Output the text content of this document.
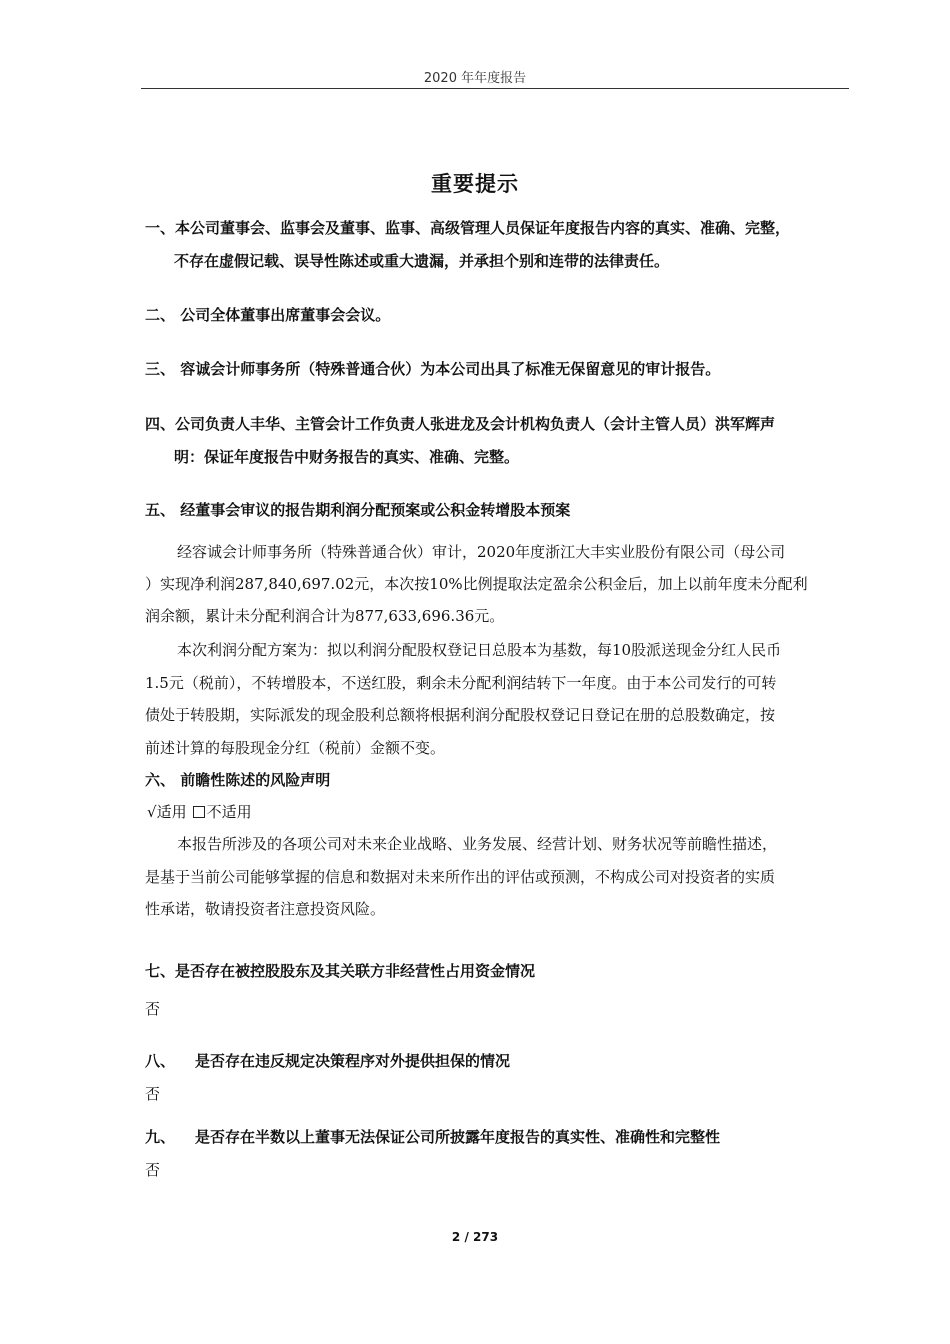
2020 年年度报告
重要提示
一、本公司董事会、监事会及董事、监事、高级管理人员保证年度报告内容的真实、准确、完整，
不存在虚假记载、误导性陈述或重大遗漏，并承担个别和连带的法律责任。
二、 公司全体董事出席董事会会议。
三、 容诚会计师事务所（特殊普通合伙）为本公司出具了标准无保留意见的审计报告。
四、公司负责人丰华、主管会计工作负责人张进龙及会计机构负责人（会计主管人员）洪军辉声
明：保证年度报告中财务报告的真实、准确、完整。
五、 经董事会审议的报告期利润分配预案或公积金转增股本预案
经容诚会计师事务所（特殊普通合伙）审计，2020年度浙江大丰实业股份有限公司（母公司
）实现净利润287,840,697.02元，本次按10%比例提取法定盈余公积金后，加上以前年度未分配利
润余额，累计未分配利润合计为877,633,696.36元。
本次利润分配方案为：拟以利润分配股权登记日总股本为基数，每10股派送现金分红人民币
1.5元（税前），不转增股本，不送红股，剩余未分配利润结转下一年度。由于本公司发行的可转
债处于转股期，实际派发的现金股利总额将根据利润分配股权登记日登记在册的总股数确定，按
前述计算的每股现金分红（税前）金额不变。
六、 前瞻性陈述的风险声明
√适用 不适用
本报告所涉及的各项公司对未来企业战略、业务发展、经营计划、财务状况等前瞻性描述，
是基于当前公司能够掌握的信息和数据对未来所作出的评估或预测，不构成公司对投资者的实质
性承诺，敬请投资者注意投资风险。
七、是否存在被控股股东及其关联方非经营性占用资金情况
否
八、 是否存在违反规定决策程序对外提供担保的情况
否
九、 是否存在半数以上董事无法保证公司所披露年度报告的真实性、准确性和完整性
否
2 / 273
